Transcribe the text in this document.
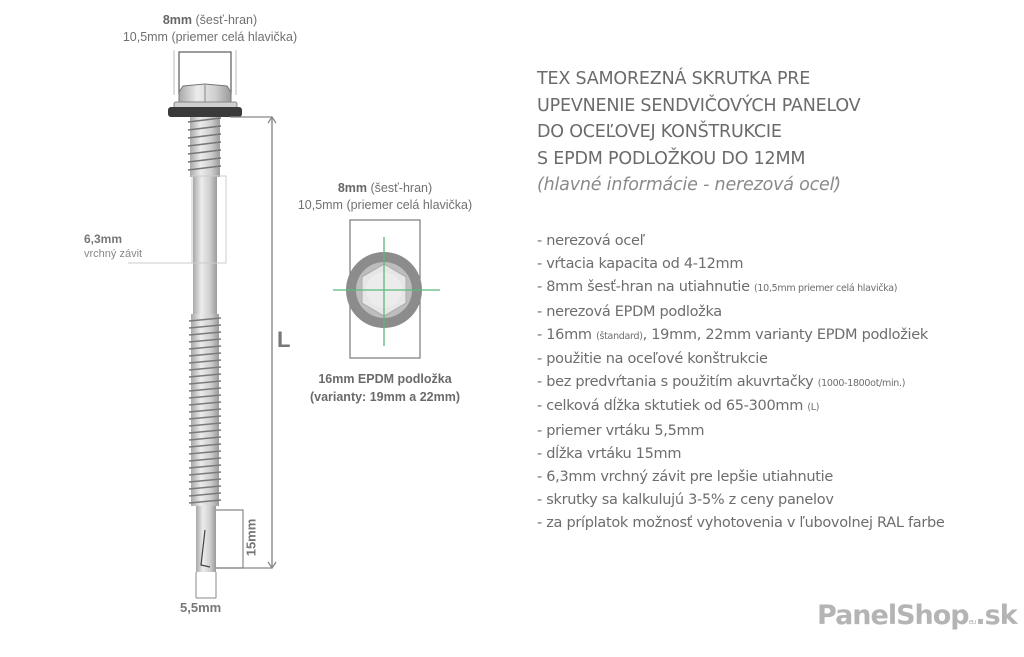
8mm (šesť-hran)
10,5mm (priemer celá hlavička)
6,3mm
vrchný závit
L
15mm
5,5mm
8mm (šesť-hran)
10,5mm (priemer celá hlavička)
16mm EPDM podložka
(varianty: 19mm a 22mm)
TEX SAMOREZNÁ SKRUTKA PRE
UPEVNENIE SENDVIČOVÝCH PANELOV
DO OCEĽOVEJ KONŠTRUKCIE
S EPDM PODLOŽKOU DO 12MM
(hlavné informácie - nerezová oceľ)
- nerezová oceľ
- vŕtacia kapacita od 4-12mm
- 8mm šesť-hran na utiahnutie (10,5mm priemer celá hlavička)
- nerezová EPDM podložka
- 16mm (štandard), 19mm, 22mm varianty EPDM podložiek
- použitie na oceľové konštrukcie
- bez predvŕtania s použitím akuvrtačky (1000-1800ot/min.)
- celková dĺžka sktutiek od 65-300mm (L)
- priemer vrtáku 5,5mm
- dĺžka vrtáku 15mm
- 6,3mm vrchný závit pre lepšie utiahnutie
- skrutky sa kalkulujú 3-5% z ceny panelov
- za príplatok možnosť vyhotovenia v ľubovolnej RAL farbe
PanelShopeu.sk
